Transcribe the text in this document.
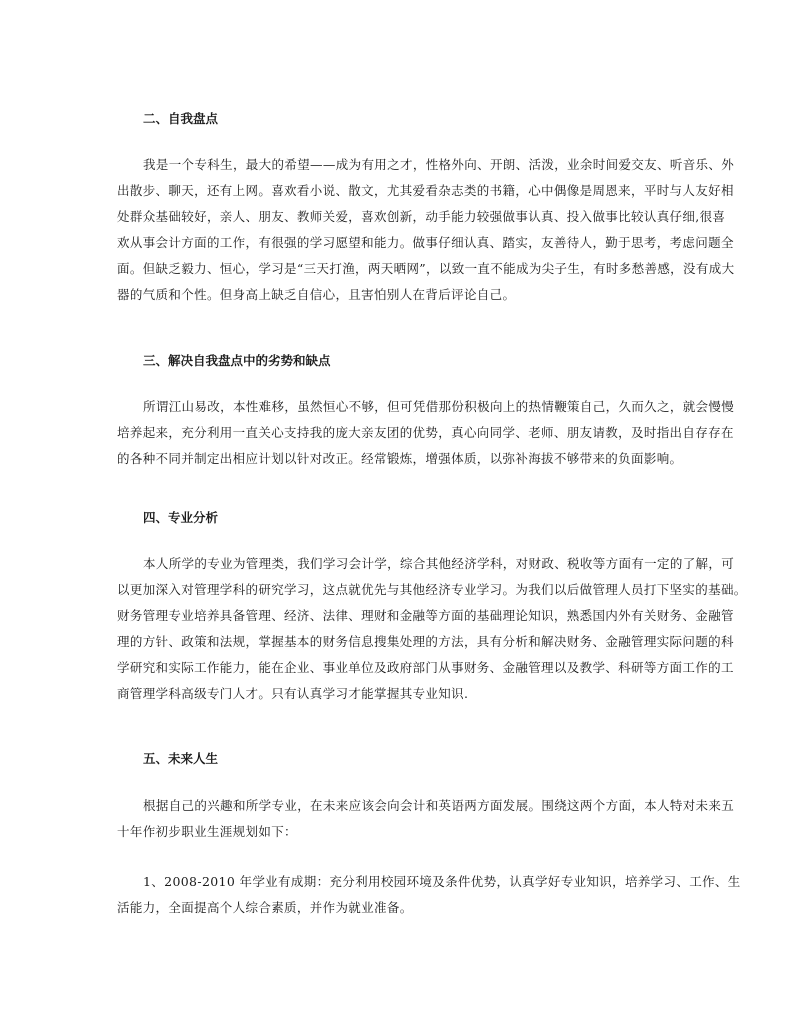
二、自我盘点
我是一个专科生，最大的希望——成为有用之才，性格外向、开朗、活泼，业余时间爱交友、听音乐、外
出散步、聊天，还有上网。喜欢看小说、散文，尤其爱看杂志类的书籍，心中偶像是周恩来，平时与人友好相
处群众基础较好，亲人、朋友、教师关爱，喜欢创新，动手能力较强做事认真、投入做事比较认真仔细,很喜
欢从事会计方面的工作，有很强的学习愿望和能力。做事仔细认真、踏实，友善待人，勤于思考，考虑问题全
面。但缺乏毅力、恒心，学习是“三天打渔，两天晒网”，以致一直不能成为尖子生，有时多愁善感，没有成大
器的气质和个性。但身高上缺乏自信心，且害怕别人在背后评论自己。
三、解决自我盘点中的劣势和缺点
所谓江山易改，本性难移，虽然恒心不够，但可凭借那份积极向上的热情鞭策自己，久而久之，就会慢慢
培养起来，充分利用一直关心支持我的庞大亲友团的优势，真心向同学、老师、朋友请教，及时指出自存存在
的各种不同并制定出相应计划以针对改正。经常锻炼，增强体质，以弥补海拔不够带来的负面影响。
四、专业分析
本人所学的专业为管理类，我们学习会计学，综合其他经济学科，对财政、税收等方面有一定的了解，可
以更加深入对管理学科的研究学习，这点就优先与其他经济专业学习。为我们以后做管理人员打下坚实的基础。
财务管理专业培养具备管理、经济、法律、理财和金融等方面的基础理论知识，熟悉国内外有关财务、金融管
理的方针、政策和法规，掌握基本的财务信息搜集处理的方法，具有分析和解决财务、金融管理实际问题的科
学研究和实际工作能力，能在企业、事业单位及政府部门从事财务、金融管理以及教学、科研等方面工作的工
商管理学科高级专门人才。只有认真学习才能掌握其专业知识.
五、未来人生
根据自己的兴趣和所学专业，在未来应该会向会计和英语两方面发展。围绕这两个方面，本人特对未来五
十年作初步职业生涯规划如下：
1、2008-2010 年学业有成期：充分利用校园环境及条件优势，认真学好专业知识，培养学习、工作、生
活能力，全面提高个人综合素质，并作为就业准备。
